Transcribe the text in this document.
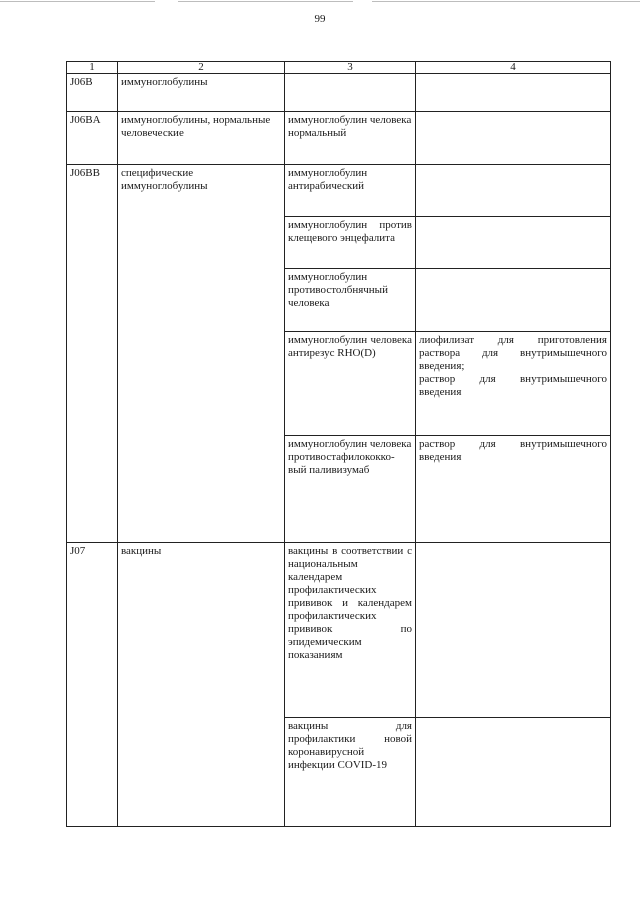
99
1	2	3	4
J06B	иммуноглобулины		
J06BA	иммуноглобулины, нормальные человеческие	иммуноглобулин человека нормальный	
J06BB	специфические иммуноглобулины	иммуноглобулин антирабический	
		иммуноглобулин против клещевого энцефалита	
		иммуноглобулин противостолбнячный человека	
		иммуноглобулин человека антирезус RHO(D)	лиофилизат для приготовления раствора для внутримышечного введения;
раствор для внутримышечного введения

		иммуноглобулин человека противостафилококко-вый паливизумаб	раствор для внутримышечного введения

J07	вакцины	вакцины в соответствии с национальным календарем профилактических прививок и календарем профилактических прививок по эпидемическим показаниям	
		вакцины для профилактики новой коронавирусной инфекции COVID-19	
